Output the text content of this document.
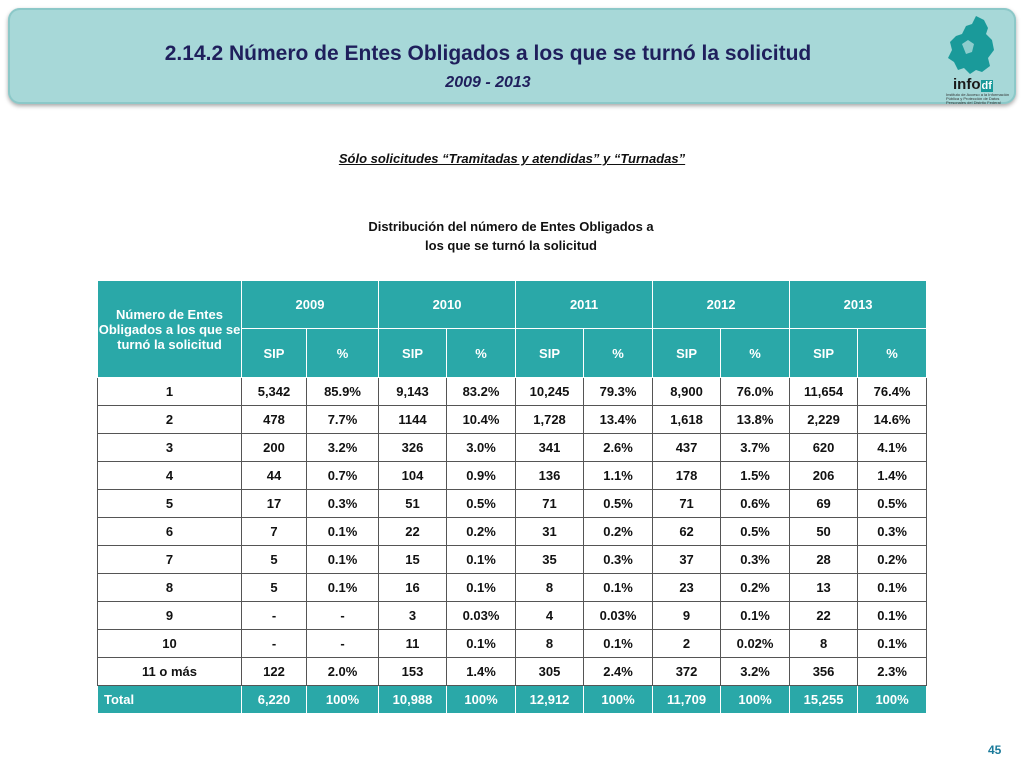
2.14.2 Número de Entes Obligados a los que se turnó la solicitud
2009 - 2013	infodf
Instituto de Acceso a la Información Pública y Protección de Datos Personales del Distrito Federal
Sólo solicitudes “Tramitadas y atendidas” y “Turnadas”
Distribución del número de Entes Obligados a
los que se turnó la solicitud
Número de Entes Obligados a los que se turnó la solicitud	2009		2010		2011		2012		2013	
	SIP	%	SIP	%	SIP	%	SIP	%	SIP	%
1	5,342	85.9%	9,143	83.2%	10,245	79.3%	8,900	76.0%	11,654	76.4%
2	478	7.7%	1144	10.4%	1,728	13.4%	1,618	13.8%	2,229	14.6%
3	200	3.2%	326	3.0%	341	2.6%	437	3.7%	620	4.1%
4	44	0.7%	104	0.9%	136	1.1%	178	1.5%	206	1.4%
5	17	0.3%	51	0.5%	71	0.5%	71	0.6%	69	0.5%
6	7	0.1%	22	0.2%	31	0.2%	62	0.5%	50	0.3%
7	5	0.1%	15	0.1%	35	0.3%	37	0.3%	28	0.2%
8	5	0.1%	16	0.1%	8	0.1%	23	0.2%	13	0.1%
9	-	-	3	0.03%	4	0.03%	9	0.1%	22	0.1%
10	-	-	11	0.1%	8	0.1%	2	0.02%	8	0.1%
11 o más	122	2.0%	153	1.4%	305	2.4%	372	3.2%	356	2.3%
Total	6,220	100%	10,988	100%	12,912	100%	11,709	100%	15,255	100%
45
